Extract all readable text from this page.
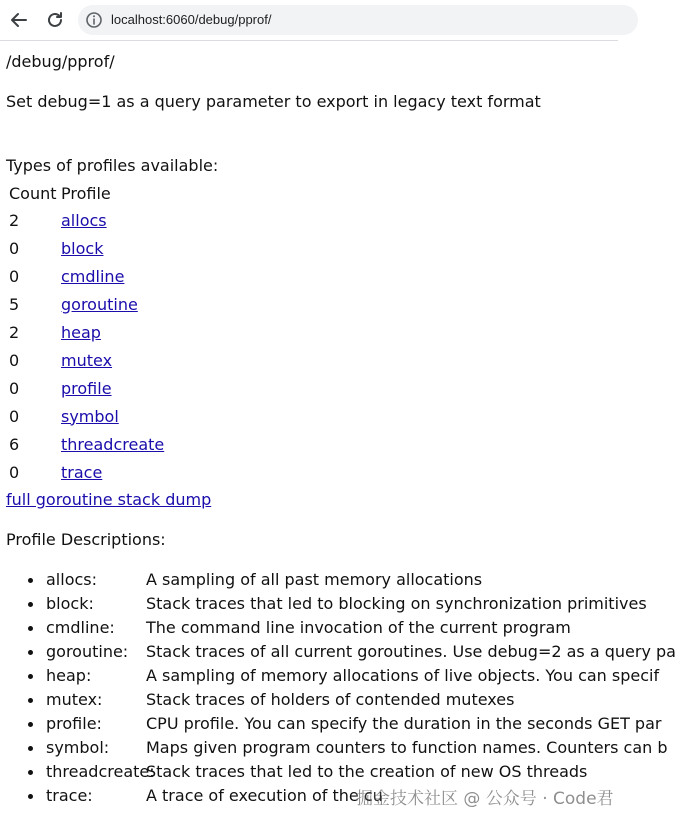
localhost:6060/debug/pprof/
/debug/pprof/
Set debug=1 as a query parameter to export in legacy text format
Types of profiles available:
Count	Profile
2	allocs
0	block
0	cmdline
5	goroutine
2	heap
0	mutex
0	profile
0	symbol
6	threadcreate
0	trace
full goroutine stack dump
Profile Descriptions:
allocs:	A sampling of all past memory allocations
block:	Stack traces that led to blocking on synchronization primitives
cmdline: The command line invocation of the current program
goroutine: Stack traces of all current goroutines. Use debug=2 as a query pa
heap:	A sampling of memory allocations of live objects. You can specif
mutex:	Stack traces of holders of contended mutexes
profile:	CPU profile. You can specify the duration in the seconds GET par
symbol: Maps given program counters to function names. Counters can b
threadcreate:
Stack traces that led to the creation of new OS threads
trace:	A trace of execution of the cu
掘金技术社区 @ 公众号 · Code君
